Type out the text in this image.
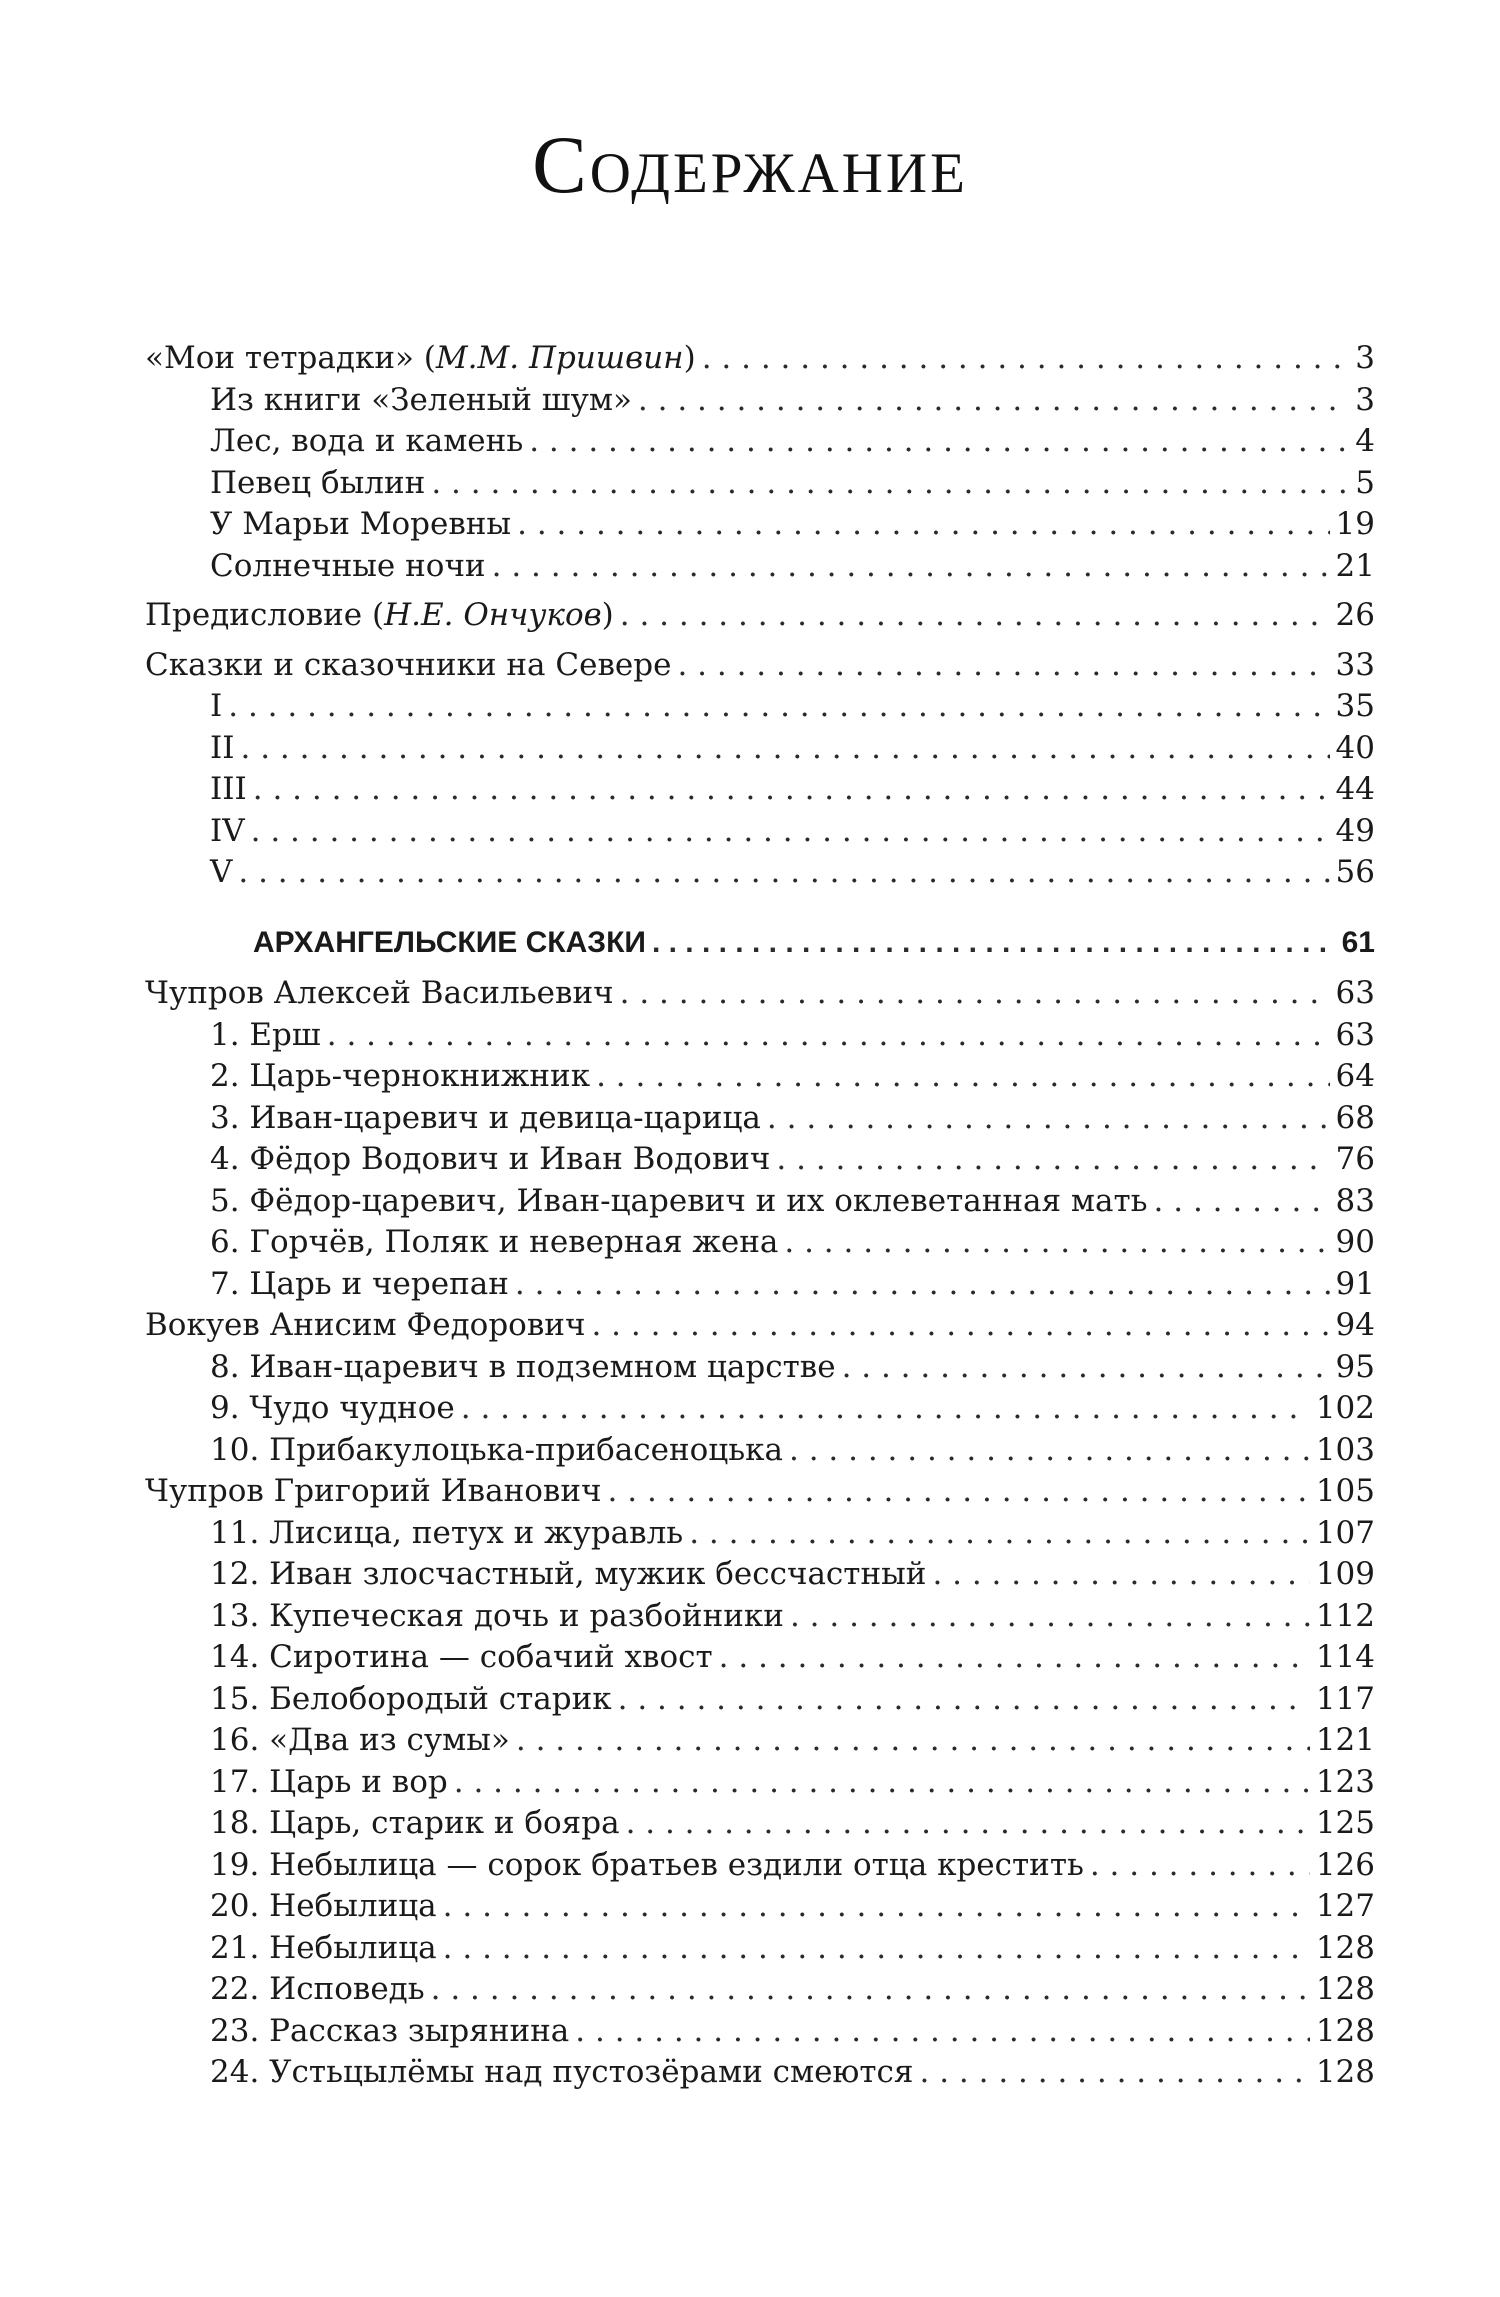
Содержание
«Мои тетрадки» (М.М. Пришвин) . . .	3
Из книги «Зеленый шум» . . .	3
Лес, вода и камень . . .	4
Певец былин . . .	5
У Марьи Моревны . . .	19
Солнечные ночи . . .	21
Предисловие (Н.Е. Ончуков) . . .	26
Сказки и сказочники на Севере . . .	33
I . . .	35
II . . .	40
III . . .	44
IV . . .	49
V . . .	56
АРХАНГЕЛЬСКИЕ СКАЗКИ . . .	61
Чупров Алексей Васильевич . . .	63
1. Ерш . . .	63
2. Царь-чернокнижник . . .	64
3. Иван-царевич и девица-царица . . .	68
4. Фёдор Водович и Иван Водович . . .	76
5. Фёдор-царевич, Иван-царевич и их оклеветанная мать . . .	83
6. Горчёв, Поляк и неверная жена . . .	90
7. Царь и черепан . . .	91
Вокуев Анисим Федорович . . .	94
8. Иван-царевич в подземном царстве . . .	95
9. Чудо чудное . . .	102
10. Прибакулоцька-прибасеноцька . . .	103
Чупров Григорий Иванович . . .	105
11. Лисица, петух и журавль . . .	107
12. Иван злосчастный, мужик бессчастный . . .	109
13. Купеческая дочь и разбойники . . .	112
14. Сиротина — собачий хвост . . .	114
15. Белобородый старик . . .	117
16. «Два из сумы» . . .	121
17. Царь и вор . . .	123
18. Царь, старик и бояра . . .	125
19. Небылица — сорок братьев ездили отца крестить . . .	126
20. Небылица . . .	127
21. Небылица . . .	128
22. Исповедь . . .	128
23. Рассказ зырянина . . .	128
24. Устьцылёмы над пустозёрами смеются . . .	128
